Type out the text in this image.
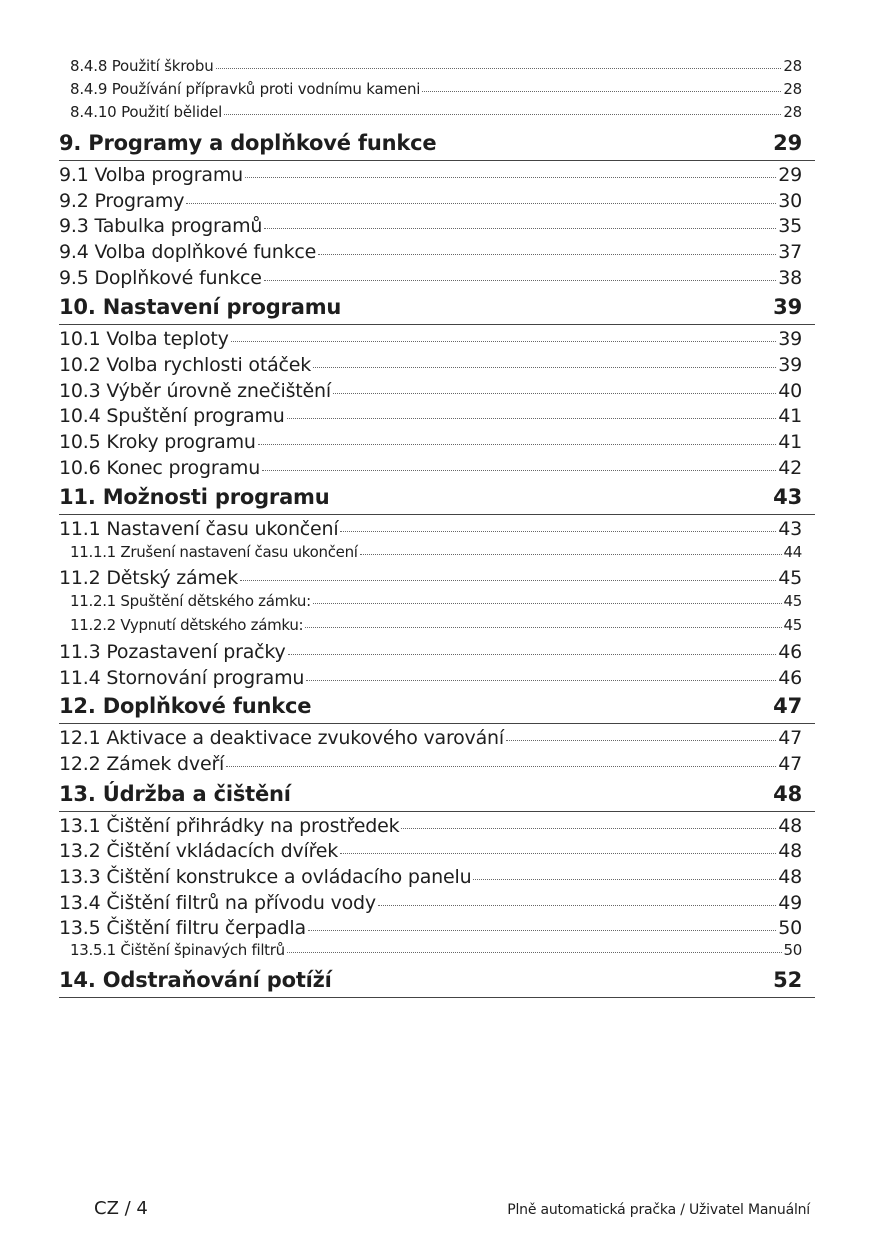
8.4.8 Použití škrobu	28
8.4.9 Používání přípravků proti vodnímu kameni	28
8.4.10 Použití bělidel	28
9. Programy a doplňkové funkce	29
9.1 Volba programu	29
9.2 Programy	30
9.3 Tabulka programů	35
9.4 Volba doplňkové funkce	37
9.5 Doplňkové funkce	38
10. Nastavení programu	39
10.1 Volba teploty	39
10.2 Volba rychlosti otáček	39
10.3 Výběr úrovně znečištění	40
10.4 Spuštění programu	41
10.5 Kroky programu	41
10.6 Konec programu	42
11. Možnosti programu	43
11.1 Nastavení času ukončení	43
11.1.1 Zrušení nastavení času ukončení	44
11.2 Dětský zámek	45
11.2.1 Spuštění dětského zámku:	45
11.2.2 Vypnutí dětského zámku:	45
11.3 Pozastavení pračky	46
11.4 Stornování programu	46
12. Doplňkové funkce	47
12.1 Aktivace a deaktivace zvukového varování	47
12.2 Zámek dveří	47
13. Údržba a čištění	48
13.1 Čištění přihrádky na prostředek	48
13.2 Čištění vkládacích dvířek	48
13.3 Čištění konstrukce a ovládacího panelu	48
13.4 Čištění filtrů na přívodu vody	49
13.5 Čištění filtru čerpadla	50
13.5.1 Čištění špinavých filtrů	50
14. Odstraňování potíží	52
CZ / 4	Plně automatická pračka / Uživatel Manuální
